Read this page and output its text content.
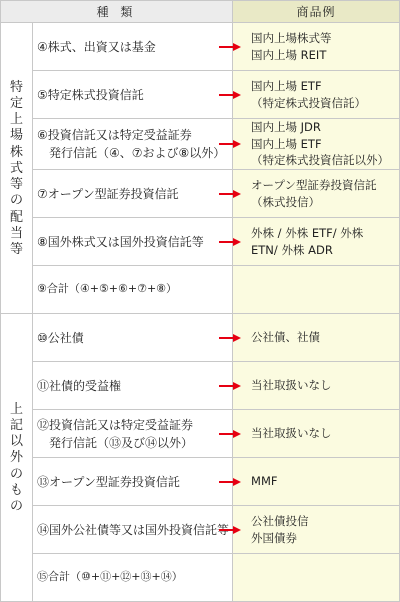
種 類		商品例
特定上場株式等の配当等	④株式、出資又は基金	国内上場株式等
国内上場 REIT

	⑤特定株式投資信託	国内上場 ETF
（特定株式投資信託）

	⑥投資信託又は特定受益証券
発行信託（④、⑦および⑧以外）	国内上場 JDR
国内上場 ETF
（特定株式投資信託以外）

	⑦オープン型証券投資信託	オープン型証券投資信託
（株式投信）

	⑧国外株式又は国外投資信託等	外株 / 外株 ETF/ 外株
ETN/ 外株 ADR

	⑨合計（④+⑤+⑥+⑦+⑧）	
上記以外のもの	⑩公社債	公社債、社債

	⑪社債的受益権	当社取扱いなし

	⑫投資信託又は特定受益証券
発行信託（⑬及び⑭以外）	当社取扱いなし

	⑬オープン型証券投資信託	MMF

	⑭国外公社債等又は国外投資信託等	公社債投信
外国債券

	⑮合計（⑩+⑪+⑫+⑬+⑭）	
